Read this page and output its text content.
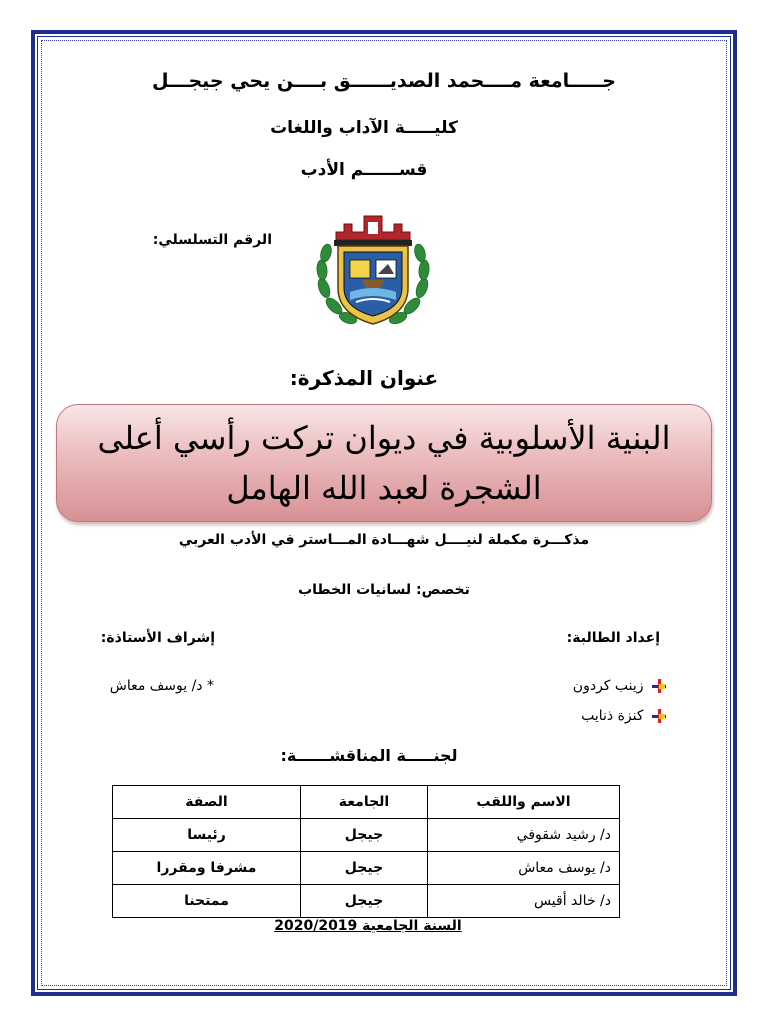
جـــــامعة مــــحمد الصديــــــق بــــن يحي جيجـــل
كليـــــة الآداب واللغات
قســــــم الأدب
الرقم التسلسلي:
عنوان المذكرة:
البنية الأسلوبية في ديوان تركت رأسي أعلى الشجرة لعبد الله الهامل
مذكـــرة مكملة لنيــــل شهـــادة المـــاستر في الأدب العربي
تخصص: لسانيات الخطاب
إعداد الطالبة:
إشراف الأستاذة:
زينب كردون
كنزة ذنايب
* د/ يوسف معاش
لجنـــــة المناقشــــــة:
الاسم واللقب	الجامعة	الصفة
د/ رشيد شقوفي	جيجل	رئيسا
د/ يوسف معاش	جيجل	مشرفا ومقررا
د/ خالد أقيس	جيجل	ممتحنا
السنة الجامعية 2020/2019
